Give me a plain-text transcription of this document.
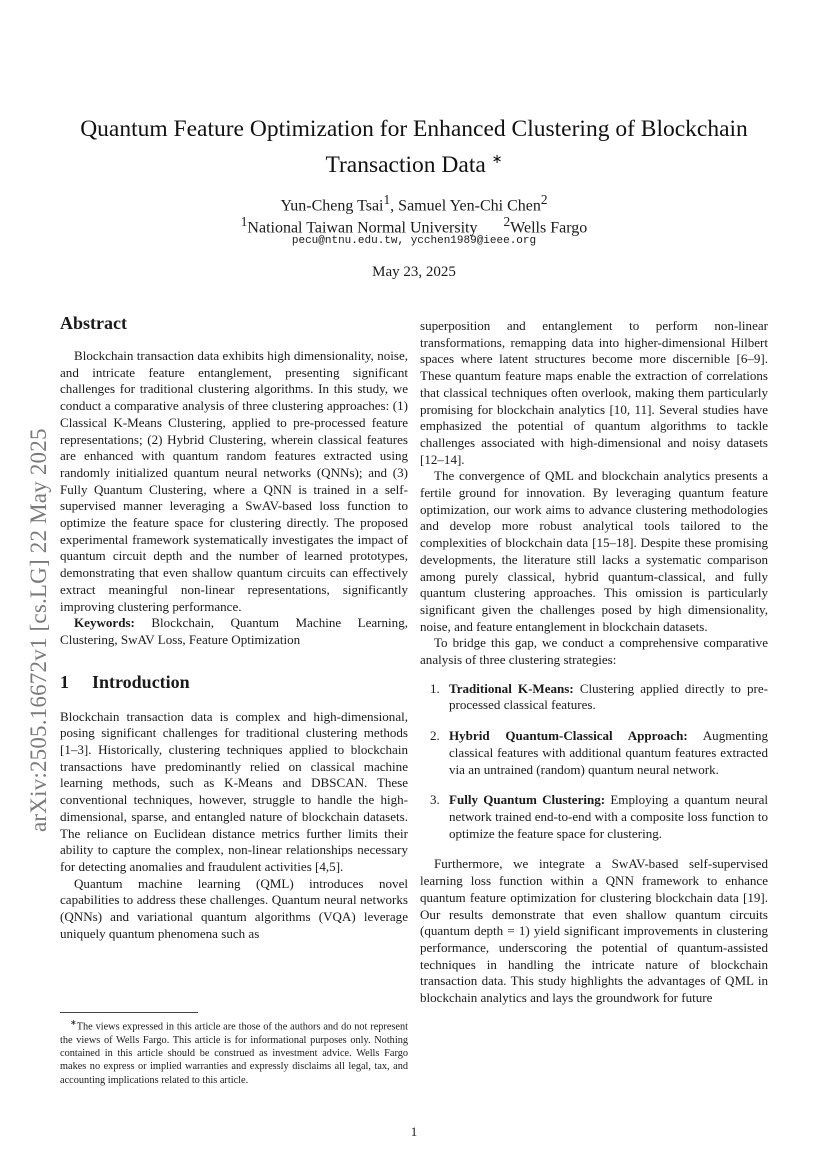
arXiv:2505.16672v1 [cs.LG] 22 May 2025
Quantum Feature Optimization for Enhanced Clustering of Blockchain
Transaction Data ∗
Yun-Cheng Tsai$^1$, Samuel Yen-Chi Chen$^2$
$^1$National Taiwan Normal University $^2$Wells Fargo
pecu@ntnu.edu.tw, ycchen1989@ieee.org
May 23, 2025
Abstract

Blockchain transaction data exhibits high dimensionality, noise, and intricate feature entanglement, presenting significant challenges for traditional clustering algorithms. In this study, we conduct a comparative analysis of three clustering approaches: (1) Classical K-Means Clustering, applied to pre-processed feature representations; (2) Hybrid Clustering, wherein classical features are enhanced with quantum random features extracted using randomly initialized quantum neural networks (QNNs); and (3) Fully Quantum Clustering, where a QNN is trained in a self-supervised manner leveraging a SwAV-based loss function to optimize the feature space for clustering directly. The proposed experimental framework systematically investigates the impact of quantum circuit depth and the number of learned prototypes, demonstrating that even shallow quantum circuits can effectively extract meaningful non-linear representations, significantly improving clustering performance.

Keywords: Blockchain, Quantum Machine Learning, Clustering, SwAV Loss, Feature Optimization

1 Introduction

Blockchain transaction data is complex and high-dimensional, posing significant challenges for traditional clustering methods [1–3]. Historically, clustering techniques applied to blockchain transactions have predominantly relied on classical machine learning methods, such as K-Means and DBSCAN. These conventional techniques, however, struggle to handle the high-dimensional, sparse, and entangled nature of blockchain datasets. The reliance on Euclidean distance metrics further limits their ability to capture the complex, non-linear relationships necessary for detecting anomalies and fraudulent activities [4,5].

Quantum machine learning (QML) introduces novel capabilities to address these challenges. Quantum neural networks (QNNs) and variational quantum algorithms (VQA) leverage uniquely quantum phenomena such as

∗The views expressed in this article are those of the authors and do not represent the views of Wells Fargo. This article is for informational purposes only. Nothing contained in this article should be construed as investment advice. Wells Fargo makes no express or implied warranties and expressly disclaims all legal, tax, and accounting implications related to this article.

superposition and entanglement to perform non-linear transformations, remapping data into higher-dimensional Hilbert spaces where latent structures become more discernible [6–9]. These quantum feature maps enable the extraction of correlations that classical techniques often overlook, making them particularly promising for blockchain analytics [10, 11]. Several studies have emphasized the potential of quantum algorithms to tackle challenges associated with high-dimensional and noisy datasets [12–14].

The convergence of QML and blockchain analytics presents a fertile ground for innovation. By leveraging quantum feature optimization, our work aims to advance clustering methodologies and develop more robust analytical tools tailored to the complexities of blockchain data [15–18]. Despite these promising developments, the literature still lacks a systematic comparison among purely classical, hybrid quantum-classical, and fully quantum clustering approaches. This omission is particularly significant given the challenges posed by high dimensionality, noise, and feature entanglement in blockchain datasets.

To bridge this gap, we conduct a comprehensive comparative analysis of three clustering strategies:

1. Traditional K-Means: Clustering applied directly to pre-processed classical features.
2. Hybrid Quantum-Classical Approach: Augmenting classical features with additional quantum features extracted via an untrained (random) quantum neural network.
3. Fully Quantum Clustering: Employing a quantum neural network trained end-to-end with a composite loss function to optimize the feature space for clustering.

Furthermore, we integrate a SwAV-based self-supervised learning loss function within a QNN framework to enhance quantum feature optimization for clustering blockchain data [19]. Our results demonstrate that even shallow quantum circuits (quantum depth = 1) yield significant improvements in clustering performance, underscoring the potential of quantum-assisted techniques in handling the intricate nature of blockchain transaction data. This study highlights the advantages of QML in blockchain analytics and lays the groundwork for future

1
